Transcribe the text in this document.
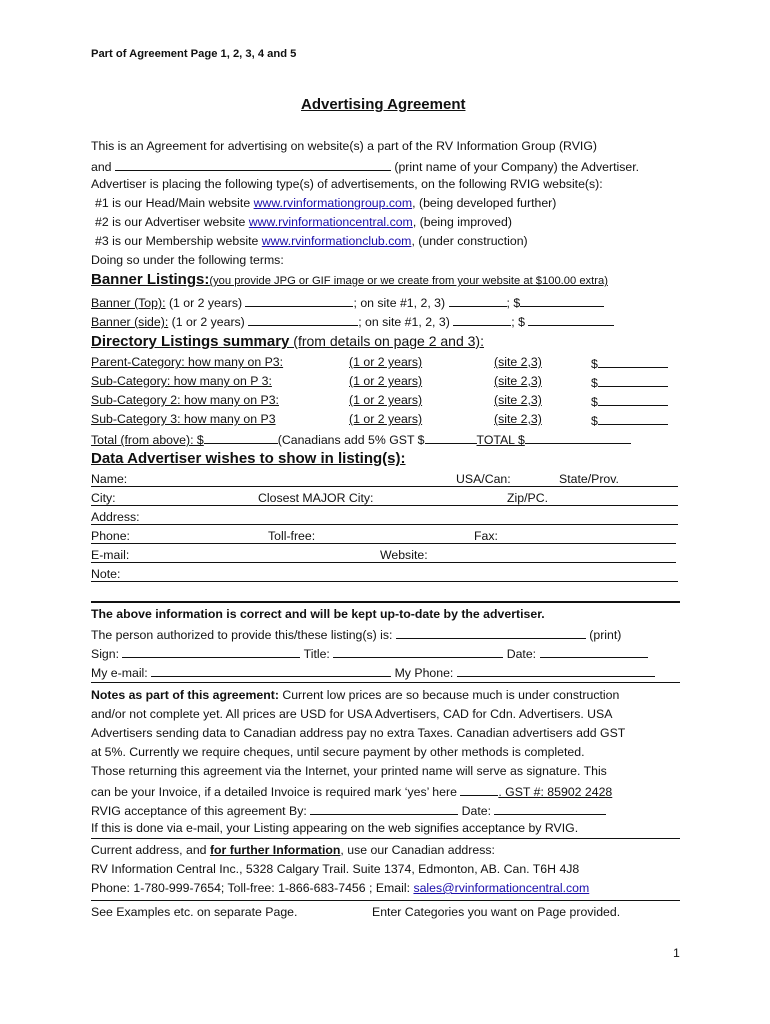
Part of Agreement Page 1, 2, 3, 4 and 5
Advertising Agreement
This is an Agreement for advertising on website(s) a part of the RV Information Group (RVIG)
and	(print name of your Company) the Advertiser.
Advertiser is placing the following type(s) of advertisements, on the following RVIG website(s):
#1 is our Head/Main website www.rvinformationgroup.com, (being developed further)
#2 is our Advertiser website www.rvinformationcentral.com, (being improved)
#3 is our Membership website www.rvinformationclub.com, (under construction)
Doing so under the following terms:
Banner Listings:(you provide JPG or GIF image or we create from your website at $100.00 extra)
Banner (Top): (1 or 2 years)	; on site #1, 2, 3)	; $
Banner (side): (1 or 2 years)	; on site #1, 2, 3)	; $
Directory Listings summary (from details on page 2 and 3):
Parent-Category: how many on P3:	(1 or 2 years)	(site 2,3)	$
Sub-Category: how many on P 3:	(1 or 2 years)	(site 2,3)	$
Sub-Category 2: how many on P3:	(1 or 2 years)	(site 2,3)	$
Sub-Category 3: how many on P3	(1 or 2 years)	(site 2,3)	$
Total (from above): $	(Canadians add 5% GST $	TOTAL $
Data Advertiser wishes to show in listing(s):
Name:	USA/Can:	State/Prov.
City:	Closest MAJOR City:	Zip/PC.
Address:
Phone:	Toll-free:	Fax:
E-mail:	Website:
Note:
The above information is correct and will be kept up-to-date by the advertiser.
The person authorized to provide this/these listing(s) is:	(print)
Sign:	Title:	Date:
My e-mail:	My Phone:
Notes as part of this agreement: Current low prices are so because much is under construction
and/or not complete yet. All prices are USD for USA Advertisers, CAD for Cdn. Advertisers. USA
Advertisers sending data to Canadian address pay no extra Taxes. Canadian advertisers add GST
at 5%. Currently we require cheques, until secure payment by other methods is completed.
Those returning this agreement via the Internet, your printed name will serve as signature. This
can be your Invoice, if a detailed Invoice is required mark ‘yes’ here	. GST #: 85902 2428
RVIG acceptance of this agreement By:	Date:
If this is done via e-mail, your Listing appearing on the web signifies acceptance by RVIG.
Current address, and for further Information, use our Canadian address:
RV Information Central Inc., 5328 Calgary Trail. Suite 1374, Edmonton, AB. Can. T6H 4J8
Phone: 1-780-999-7654; Toll-free: 1-866-683-7456 ; Email: sales@rvinformationcentral.com
See Examples etc. on separate Page.	Enter Categories you want on Page provided.
1
